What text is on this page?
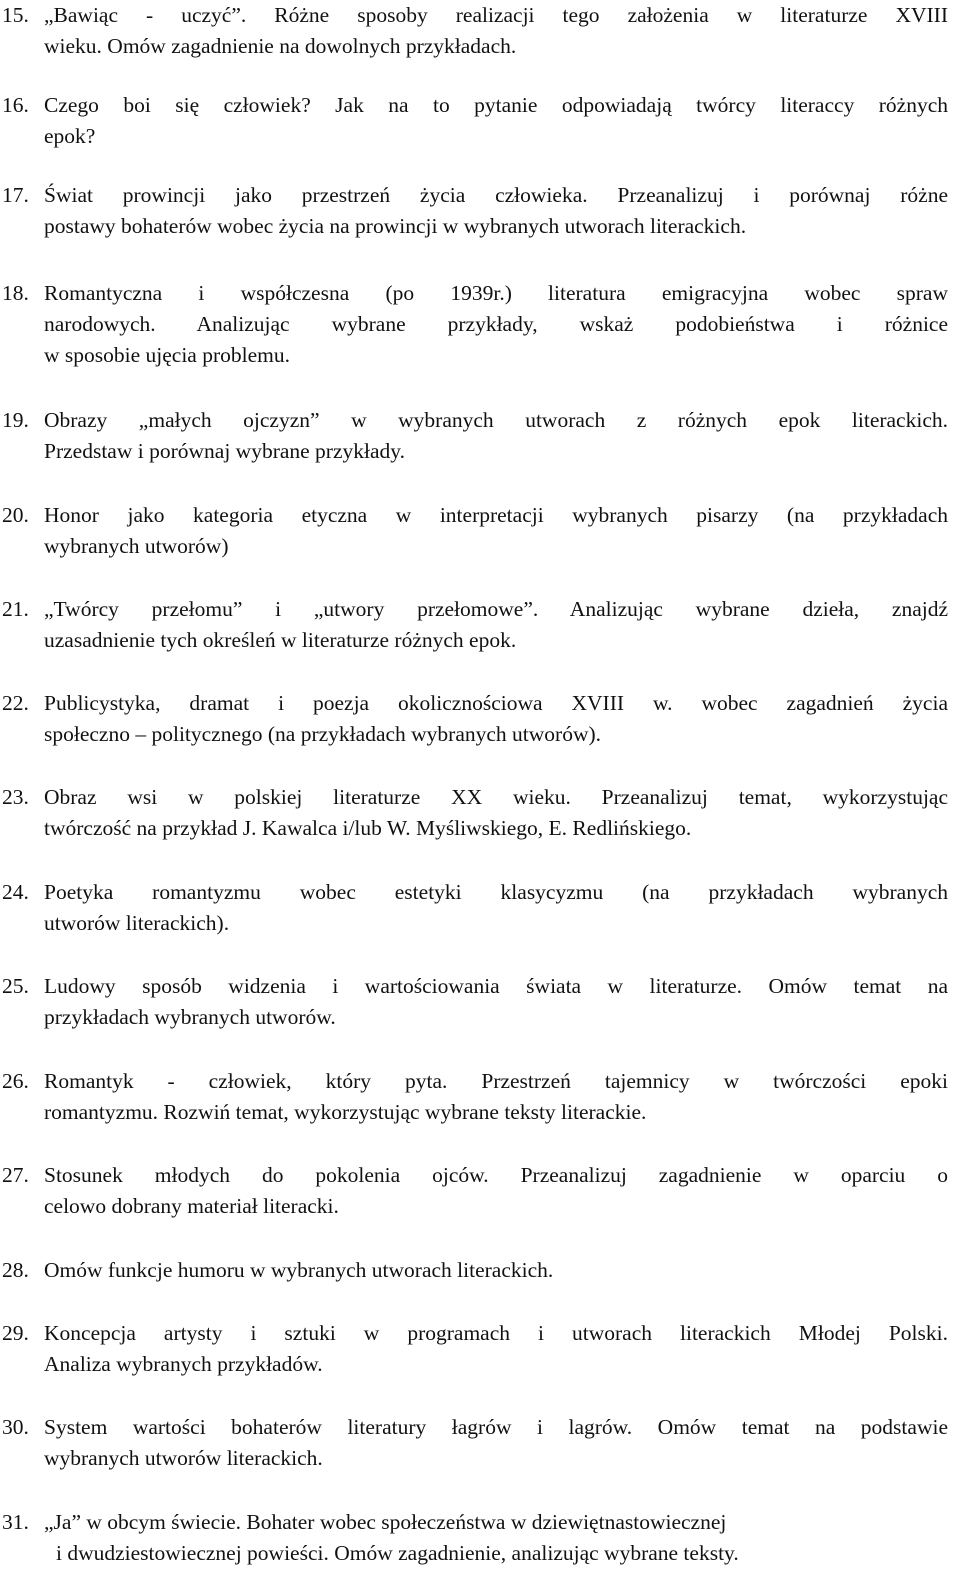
15. „Bawiąc - uczyć”. Różne sposoby realizacji tego założenia w literaturze XVIII
wieku. Omów zagadnienie na dowolnych przykładach.
16. Czego boi się człowiek? Jak na to pytanie odpowiadają twórcy literaccy różnych
epok?
17. Świat prowincji jako przestrzeń życia człowieka. Przeanalizuj i porównaj różne
postawy bohaterów wobec życia na prowincji w wybranych utworach literackich.
18. Romantyczna i współczesna (po 1939r.) literatura emigracyjna wobec spraw
narodowych. Analizując wybrane przykłady, wskaż podobieństwa i różnice
w sposobie ujęcia problemu.
19. Obrazy „małych ojczyzn” w wybranych utworach z różnych epok literackich.
Przedstaw i porównaj wybrane przykłady.
20. Honor jako kategoria etyczna w interpretacji wybranych pisarzy (na przykładach
wybranych utworów)
21. „Twórcy przełomu” i „utwory przełomowe”. Analizując wybrane dzieła, znajdź
uzasadnienie tych określeń w literaturze różnych epok.
22. Publicystyka, dramat i poezja okolicznościowa XVIII w. wobec zagadnień życia
społeczno – politycznego (na przykładach wybranych utworów).
23. Obraz wsi w polskiej literaturze XX wieku. Przeanalizuj temat, wykorzystując
twórczość na przykład J. Kawalca i/lub W. Myśliwskiego, E. Redlińskiego.
24. Poetyka romantyzmu wobec estetyki klasycyzmu (na przykładach wybranych
utworów literackich).
25. Ludowy sposób widzenia i wartościowania świata w literaturze. Omów temat na
przykładach wybranych utworów.
26. Romantyk - człowiek, który pyta. Przestrzeń tajemnicy w twórczości epoki
romantyzmu. Rozwiń temat, wykorzystując wybrane teksty literackie.
27. Stosunek młodych do pokolenia ojców. Przeanalizuj zagadnienie w oparciu o
celowo dobrany materiał literacki.
28. Omów funkcje humoru w wybranych utworach literackich.
29. Koncepcja artysty i sztuki w programach i utworach literackich Młodej Polski.
Analiza wybranych przykładów.
30. System wartości bohaterów literatury łagrów i lagrów. Omów temat na podstawie
wybranych utworów literackich.
31. „Ja” w obcym świecie. Bohater wobec społeczeństwa w dziewiętnastowiecznej
i dwudziestowiecznej powieści. Omów zagadnienie, analizując wybrane teksty.
